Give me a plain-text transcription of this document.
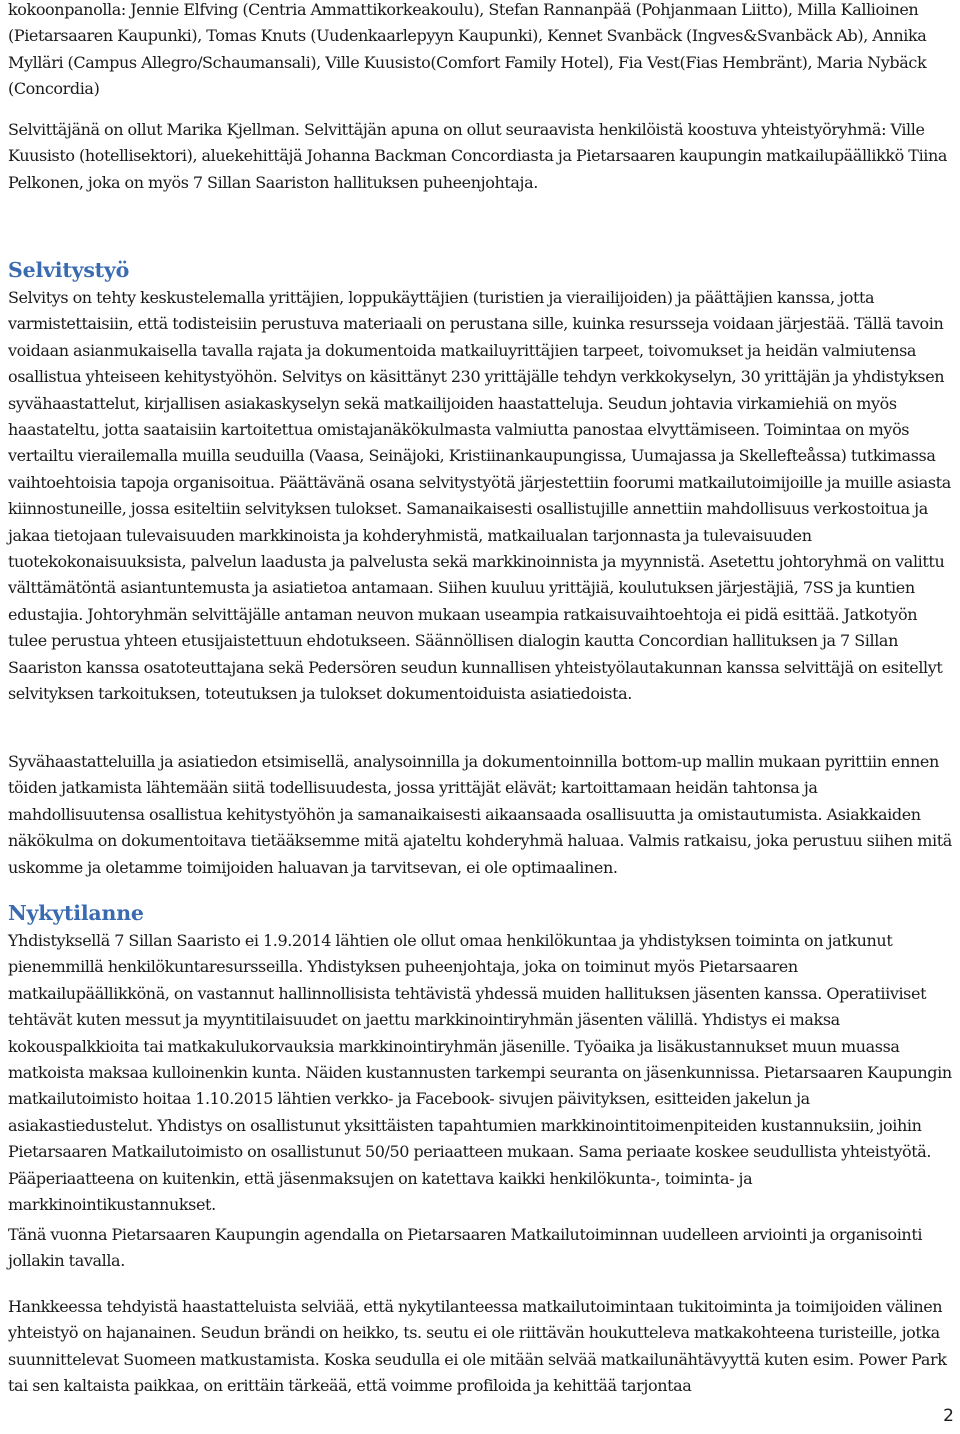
kokoonpanolla: Jennie Elfving (Centria Ammattikorkeakoulu), Stefan Rannanpää (Pohjanmaan Liitto), Milla Kallioinen (Pietarsaaren Kaupunki), Tomas Knuts (Uudenkaarlepyyn Kaupunki), Kennet Svanbäck (Ingves&Svanbäck Ab), Annika Mylläri (Campus Allegro/Schaumansali), Ville Kuusisto(Comfort Family Hotel), Fia Vest(Fias Hembränt), Maria Nybäck (Concordia)

Selvittäjänä on ollut Marika Kjellman. Selvittäjän apuna on ollut seuraavista henkilöistä koostuva yhteistyöryhmä: Ville Kuusisto (hotellisektori), aluekehittäjä Johanna Backman Concordiasta ja Pietarsaaren kaupungin matkailupäällikkö Tiina Pelkonen, joka on myös 7 Sillan Saariston hallituksen puheenjohtaja.

Selvitystyö

Selvitys on tehty keskustelemalla yrittäjien, loppukäyttäjien (turistien ja vierailijoiden) ja päättäjien kanssa, jotta varmistettaisiin, että todisteisiin perustuva materiaali on perustana sille, kuinka resursseja voidaan järjestää. Tällä tavoin voidaan asianmukaisella tavalla rajata ja dokumentoida matkailuyrittäjien tarpeet, toivomukset ja heidän valmiutensa osallistua yhteiseen kehitystyöhön. Selvitys on käsittänyt 230 yrittäjälle tehdyn verkkokyselyn, 30 yrittäjän ja yhdistyksen syvähaastattelut, kirjallisen asiakaskyselyn sekä matkailijoiden haastatteluja. Seudun johtavia virkamiehiä on myös haastateltu, jotta saataisiin kartoitettua omistajanäkökulmasta valmiutta panostaa elvyttämiseen. Toimintaa on myös vertailtu vierailemalla muilla seuduilla (Vaasa, Seinäjoki, Kristiinankaupungissa, Uumajassa ja Skellefteåssa) tutkimassa vaihtoehtoisia tapoja organisoitua. Päättävänä osana selvitystyötä järjestettiin foorumi matkailutoimijoille ja muille asiasta kiinnostuneille, jossa esiteltiin selvityksen tulokset. Samanaikaisesti osallistujille annettiin mahdollisuus verkostoitua ja jakaa tietojaan tulevaisuuden markkinoista ja kohderyhmistä, matkailualan tarjonnasta ja tulevaisuuden tuotekokonaisuuksista, palvelun laadusta ja palvelusta sekä markkinoinnista ja myynnistä. Asetettu johtoryhmä on valittu välttämätöntä asiantuntemusta ja asiatietoa antamaan. Siihen kuuluu yrittäjiä, koulutuksen järjestäjiä, 7SS ja kuntien edustajia. Johtoryhmän selvittäjälle antaman neuvon mukaan useampia ratkaisuvaihtoehtoja ei pidä esittää. Jatkotyön tulee perustua yhteen etusijaistettuun ehdotukseen. Säännöllisen dialogin kautta Concordian hallituksen ja 7 Sillan Saariston kanssa osatoteuttajana sekä Pedersören seudun kunnallisen yhteistyölautakunnan kanssa selvittäjä on esitellyt selvityksen tarkoituksen, toteutuksen ja tulokset dokumentoiduista asiatiedoista.

Syvähaastatteluilla ja asiatiedon etsimisellä, analysoinnilla ja dokumentoinnilla bottom-up mallin mukaan pyrittiin ennen töiden jatkamista lähtemään siitä todellisuudesta, jossa yrittäjät elävät; kartoittamaan heidän tahtonsa ja mahdollisuutensa osallistua kehitystyöhön ja samanaikaisesti aikaansaada osallisuutta ja omistautumista. Asiakkaiden näkökulma on dokumentoitava tietääksemme mitä ajateltu kohderyhmä haluaa. Valmis ratkaisu, joka perustuu siihen mitä uskomme ja oletamme toimijoiden haluavan ja tarvitsevan, ei ole optimaalinen.

Nykytilanne

Yhdistyksellä 7 Sillan Saaristo ei 1.9.2014 lähtien ole ollut omaa henkilökuntaa ja yhdistyksen toiminta on jatkunut pienemmillä henkilökuntaresursseilla. Yhdistyksen puheenjohtaja, joka on toiminut myös Pietarsaaren matkailupäällikkönä, on vastannut hallinnollisista tehtävistä yhdessä muiden hallituksen jäsenten kanssa. Operatiiviset tehtävät kuten messut ja myyntitilaisuudet on jaettu markkinointiryhmän jäsenten välillä. Yhdistys ei maksa kokouspalkkioita tai matkakulukorvauksia markkinointiryhmän jäsenille. Työaika ja lisäkustannukset muun muassa matkoista maksaa kulloinenkin kunta. Näiden kustannusten tarkempi seuranta on jäsenkunnissa. Pietarsaaren Kaupungin matkailutoimisto hoitaa 1.10.2015 lähtien verkko- ja Facebook- sivujen päivityksen, esitteiden jakelun ja asiakastiedustelut. Yhdistys on osallistunut yksittäisten tapahtumien markkinointitoimenpiteiden kustannuksiin, joihin Pietarsaaren Matkailutoimisto on osallistunut 50/50 periaatteen mukaan. Sama periaate koskee seudullista yhteistyötä. Pääperiaatteena on kuitenkin, että jäsenmaksujen on katettava kaikki henkilökunta-, toiminta- ja markkinointikustannukset.

Tänä vuonna Pietarsaaren Kaupungin agendalla on Pietarsaaren Matkailutoiminnan uudelleen arviointi ja organisointi jollakin tavalla.

Hankkeessa tehdyistä haastatteluista selviää, että nykytilanteessa matkailutoimintaan tukitoiminta ja toimijoiden välinen yhteistyö on hajanainen. Seudun brändi on heikko, ts. seutu ei ole riittävän houkutteleva matkakohteena turisteille, jotka suunnittelevat Suomeen matkustamista. Koska seudulla ei ole mitään selvää matkailunähtävyyttä kuten esim. Power Park tai sen kaltaista paikkaa, on erittäin tärkeää, että voimme profiloida ja kehittää tarjontaa

2
